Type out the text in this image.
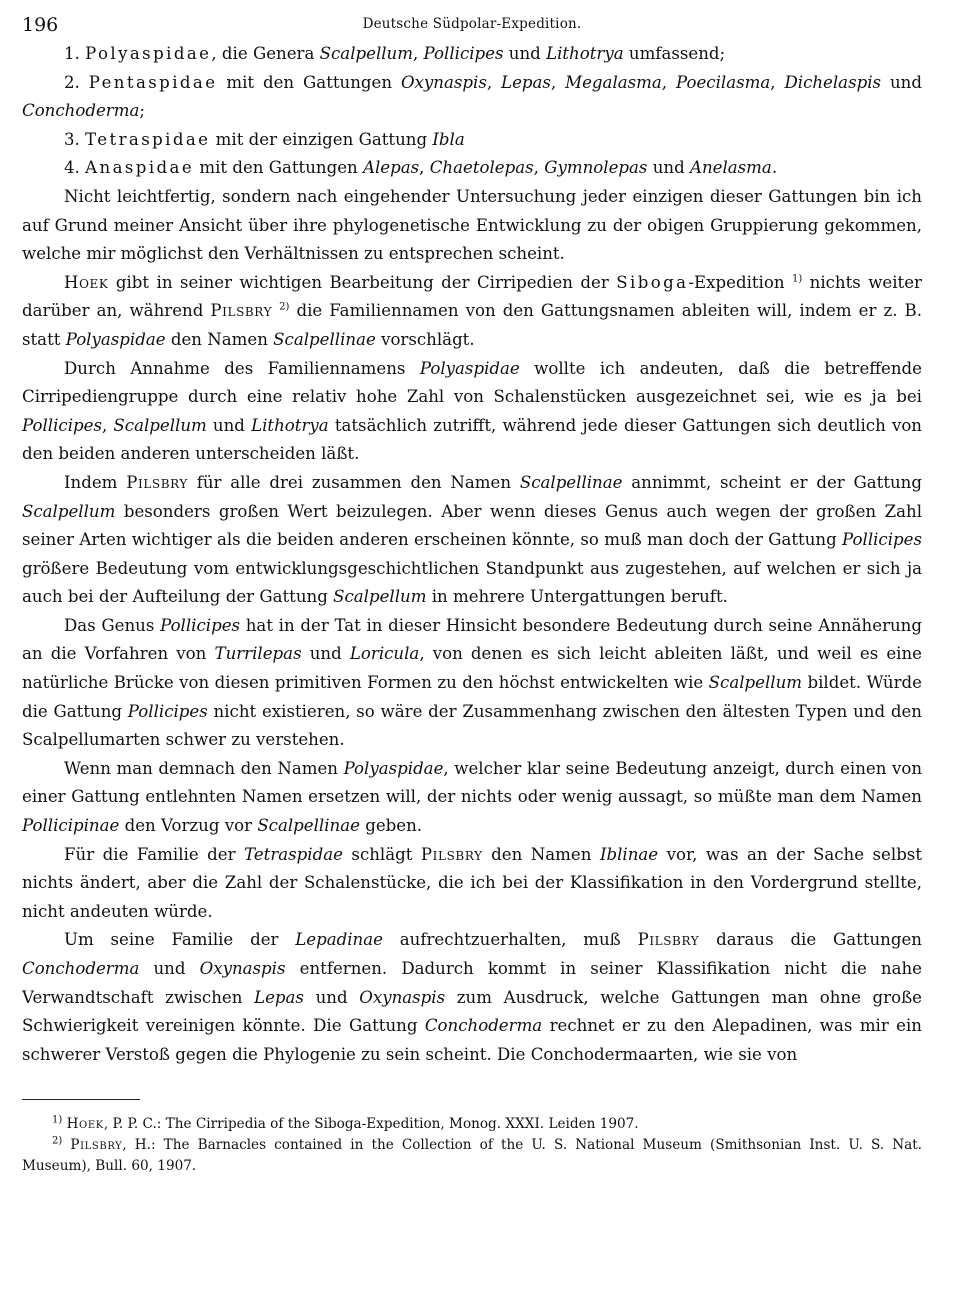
196	Deutsche Südpolar-Expedition.

1. Polyaspidae, die Genera Scalpellum, Pollicipes und Lithotrya umfassend;

2. Pentaspidae mit den Gattungen Oxynaspis, Lepas, Megalasma, Poecilasma, Dichelaspis und Conchoderma;

3. Tetraspidae mit der einzigen Gattung Ibla

4. Anaspidae mit den Gattungen Alepas, Chaetolepas, Gymnolepas und Anelasma.

Nicht leichtfertig, sondern nach eingehender Untersuchung jeder einzigen dieser Gattungen bin ich auf Grund meiner Ansicht über ihre phylogenetische Entwicklung zu der obigen Gruppierung gekommen, welche mir möglichst den Verhältnissen zu entsprechen scheint.

Hoek gibt in seiner wichtigen Bearbeitung der Cirripedien der Siboga-Expedition $^{1)}$ nichts weiter darüber an, während Pilsbry $^{2)}$ die Familiennamen von den Gattungsnamen ableiten will, indem er z. B. statt Polyaspidae den Namen Scalpellinae vorschlägt.

Durch Annahme des Familiennamens Polyaspidae wollte ich andeuten, daß die betreffende Cirripediengruppe durch eine relativ hohe Zahl von Schalenstücken ausgezeichnet sei, wie es ja bei Pollicipes, Scalpellum und Lithotrya tatsächlich zutrifft, während jede dieser Gattungen sich deutlich von den beiden anderen unterscheiden läßt.

Indem Pilsbry für alle drei zusammen den Namen Scalpellinae annimmt, scheint er der Gattung Scalpellum besonders großen Wert beizulegen. Aber wenn dieses Genus auch wegen der großen Zahl seiner Arten wichtiger als die beiden anderen erscheinen könnte, so muß man doch der Gattung Pollicipes größere Bedeutung vom entwicklungsgeschichtlichen Standpunkt aus zugestehen, auf welchen er sich ja auch bei der Aufteilung der Gattung Scalpellum in mehrere Untergattungen beruft.

Das Genus Pollicipes hat in der Tat in dieser Hinsicht besondere Bedeutung durch seine Annäherung an die Vorfahren von Turrilepas und Loricula, von denen es sich leicht ableiten läßt, und weil es eine natürliche Brücke von diesen primitiven Formen zu den höchst entwickelten wie Scalpellum bildet. Würde die Gattung Pollicipes nicht existieren, so wäre der Zusammenhang zwischen den ältesten Typen und den Scalpellumarten schwer zu verstehen.

Wenn man demnach den Namen Polyaspidae, welcher klar seine Bedeutung anzeigt, durch einen von einer Gattung entlehnten Namen ersetzen will, der nichts oder wenig aussagt, so müßte man dem Namen Pollicipinae den Vorzug vor Scalpellinae geben.

Für die Familie der Tetraspidae schlägt Pilsbry den Namen Iblinae vor, was an der Sache selbst nichts ändert, aber die Zahl der Schalenstücke, die ich bei der Klassifikation in den Vordergrund stellte, nicht andeuten würde.

Um seine Familie der Lepadinae aufrechtzuerhalten, muß Pilsbry daraus die Gattungen Conchoderma und Oxynaspis entfernen. Dadurch kommt in seiner Klassifikation nicht die nahe Verwandtschaft zwischen Lepas und Oxynaspis zum Ausdruck, welche Gattungen man ohne große Schwierigkeit vereinigen könnte. Die Gattung Conchoderma rechnet er zu den Alepadinen, was mir ein schwerer Verstoß gegen die Phylogenie zu sein scheint. Die Conchodermaarten, wie sie von

$^{1)}$ Hoek, P. P. C.: The Cirripedia of the Siboga-Expedition, Monog. XXXI. Leiden 1907.

$^{2)}$ Pilsbry, H.: The Barnacles contained in the Collection of the U. S. National Museum (Smithsonian Inst. U. S. Nat. Museum), Bull. 60, 1907.
